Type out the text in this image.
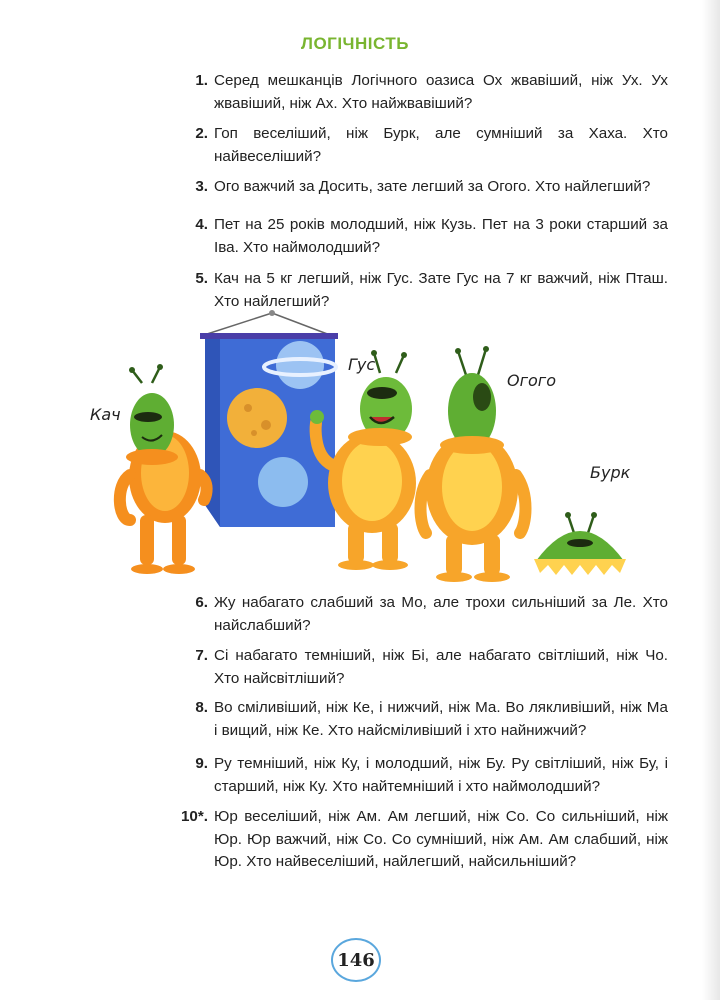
ЛОГІЧНІСТЬ
1. Серед мешканців Логічного оазиса Ох жвавіший, ніж Ух. Ух жвавіший, ніж Ах. Хто найжвавіший?
2. Гоп веселіший, ніж Бурк, але сумніший за Хаха. Хто найвеселіший?
3. Ого важчий за Досить, зате легший за Огого. Хто найлегший?
4. Пет на 25 років молодший, ніж Кузь. Пет на 3 роки старший за Іва. Хто наймолодший?
5. Кач на 5 кг легший, ніж Гус. Зате Гус на 7 кг важчий, ніж Пташ. Хто найлегший?
Кач
Гус
Огого
Бурк
6. Жу набагато слабший за Мо, але трохи сильніший за Ле. Хто найслабший?
7. Сі набагато темніший, ніж Бі, але набагато світліший, ніж Чо. Хто найсвітліший?
8. Во сміливіший, ніж Ке, і нижчий, ніж Ма. Во лякливіший, ніж Ма і вищий, ніж Ке. Хто найсміливіший і хто найнижчий?
9. Ру темніший, ніж Ку, і молодший, ніж Бу. Ру світліший, ніж Бу, і старший, ніж Ку. Хто найтемніший і хто наймолодший?
10*. Юр веселіший, ніж Ам. Ам легший, ніж Со. Со сильніший, ніж Юр. Юр важчий, ніж Со. Со сумніший, ніж Ам. Ам слабший, ніж Юр. Хто найвеселіший, найлегший, найсильніший?
146
